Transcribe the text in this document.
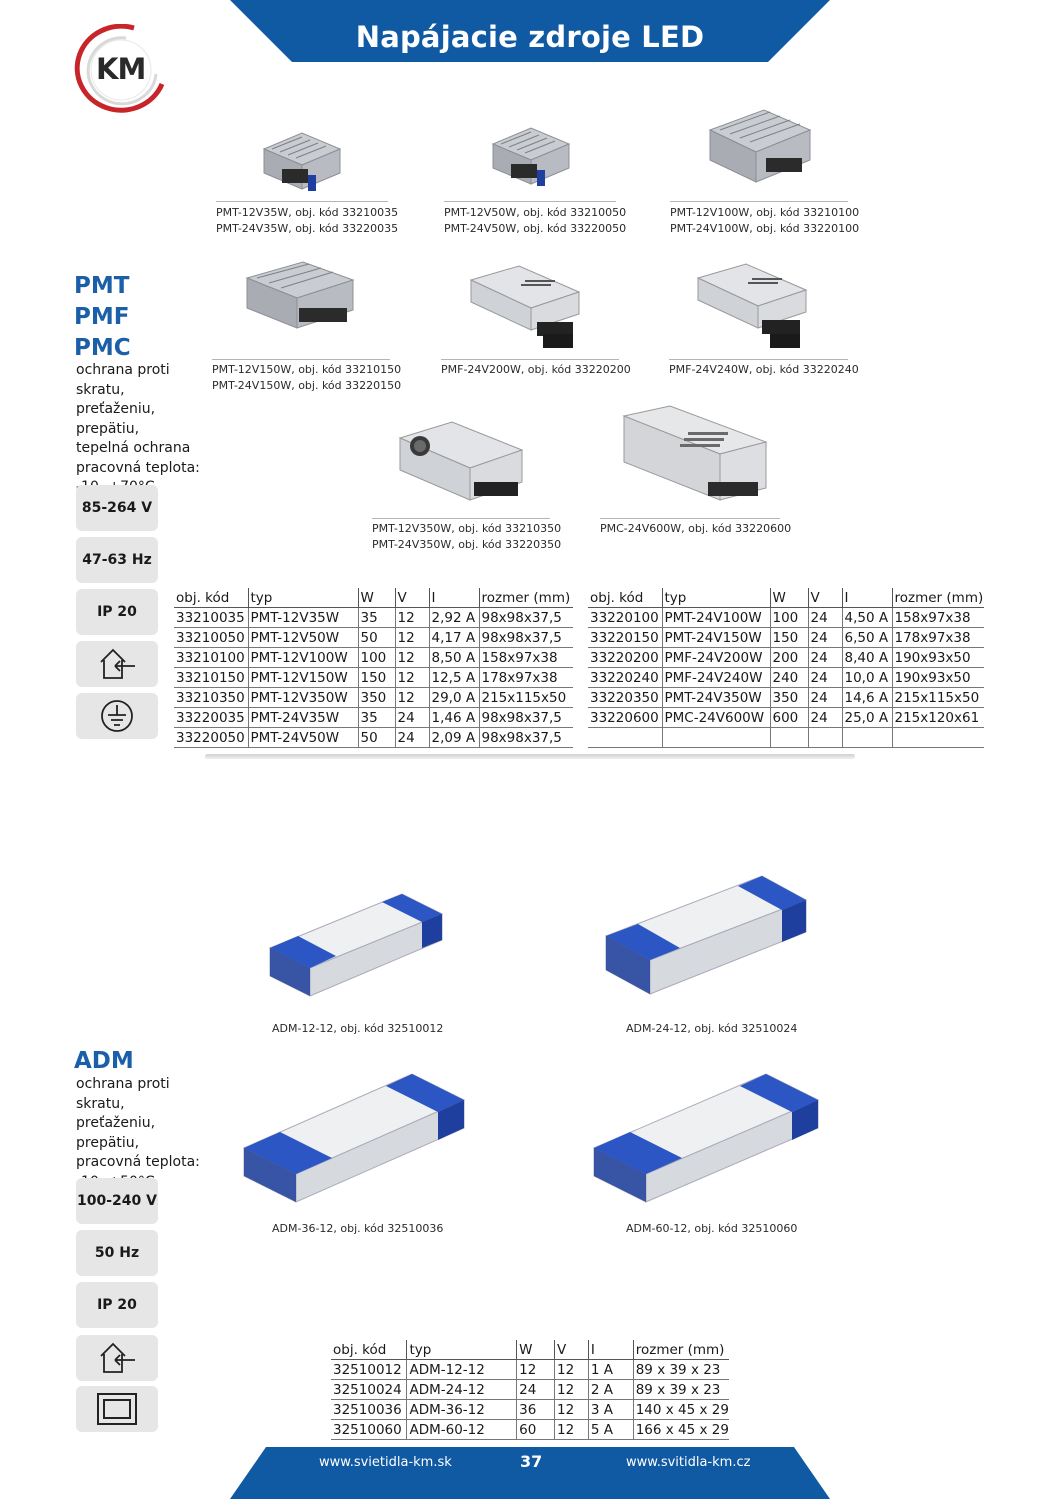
Napájacie zdroje LED
KM
PMT
PMF
PMC
ochrana proti
skratu, preťaženiu,
prepätiu,
tepelná ochrana
pracovná teplota:
85-264 V
47-63 Hz
IP 20
PMT-12V35W, obj. kód 33210035
PMT-24V35W, obj. kód 33220035
PMT-12V50W, obj. kód 33210050
PMT-24V50W, obj. kód 33220050
PMT-12V100W, obj. kód 33210100
PMT-24V100W, obj. kód 33220100
PMT-12V150W, obj. kód 33210150
PMT-24V150W, obj. kód 33220150
PMF-24V200W, obj. kód 33220200	PMF-24V240W, obj. kód 33220240
PMT-12V350W, obj. kód 33210350
PMT-24V350W, obj. kód 33220350
PMC-24V600W, obj. kód 33220600
obj. kód	typ	W	V	I	rozmer (mm)
33210035	PMT-12V35W	35	12	2,92 A	98x98x37,5
33210050	PMT-12V50W	50	12	4,17 A	98x98x37,5
33210100	PMT-12V100W	100	12	8,50 A	158x97x38
33210150	PMT-12V150W	150	12	12,5 A	178x97x38
33210350	PMT-12V350W	350	12	29,0 A	215x115x50
33220035	PMT-24V35W	35	24	1,46 A	98x98x37,5
33220050	PMT-24V50W	50	24	2,09 A	98x98x37,5
obj. kód	typ	W	V	I	rozmer (mm)
33220100	PMT-24V100W	100	24	4,50 A	158x97x38
33220150	PMT-24V150W	150	24	6,50 A	178x97x38
33220200	PMF-24V200W	200	24	8,40 A	190x93x50
33220240	PMF-24V240W	240	24	10,0 A	190x93x50
33220350	PMT-24V350W	350	24	14,6 A	215x115x50
33220600	PMC-24V600W	600	24	25,0 A	215x120x61

ADM-12-12, obj. kód 32510012	ADM-24-12, obj. kód 32510024
ADM
ochrana proti
skratu, preťaženiu,
prepätiu,
pracovná teplota:
100-240 V
50 Hz
IP 20
ADM-36-12, obj. kód 32510036	ADM-60-12, obj. kód 32510060
obj. kód	typ	W	V	I	rozmer (mm)
32510012	ADM-12-12	12	12	1 A	89 x 39 x 23
32510024	ADM-24-12	24	12	2 A	89 x 39 x 23
32510036	ADM-36-12	36	12	3 A	140 x 45 x 29
32510060	ADM-60-12	60	12	5 A	166 x 45 x 29
www.svietidla-km.sk	37	www.svitidla-km.cz
